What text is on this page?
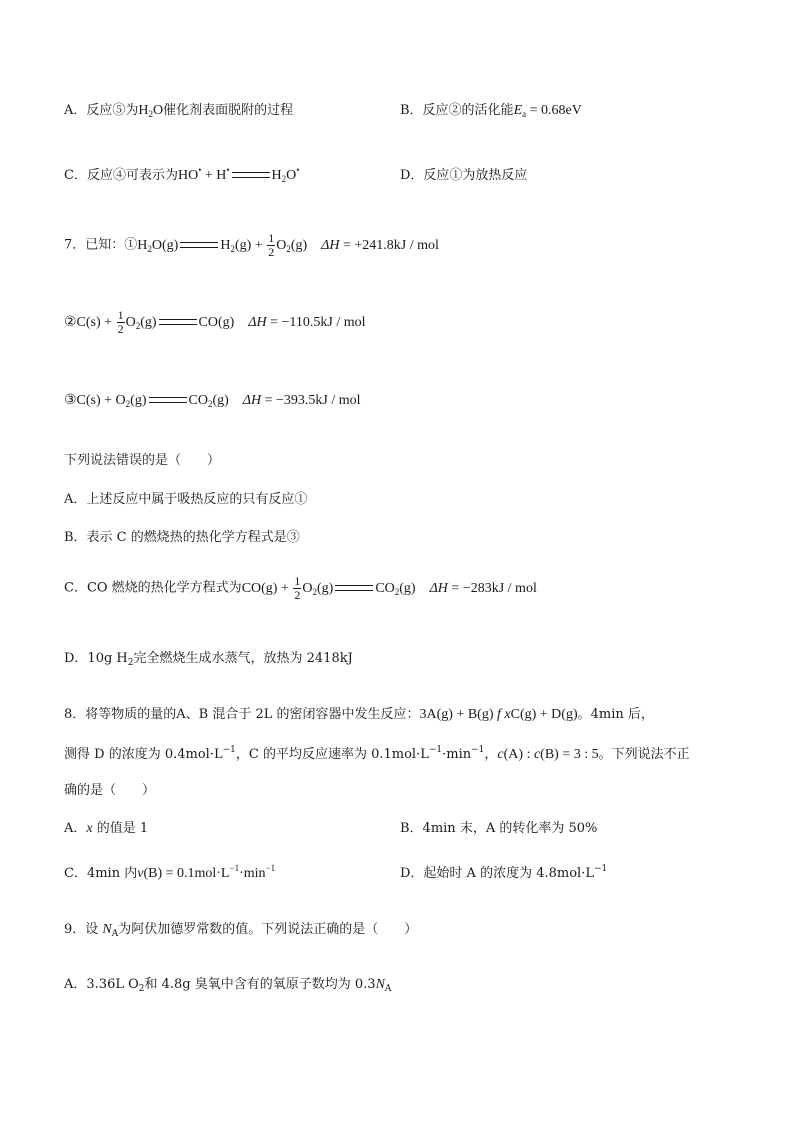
A．反应⑤为$H_2O$催化剂表面脱附的过程	B．反应②的活化能$E_a = 0.68eV$
C．反应④可表示为HO• + H•	$H_2O^•$	D．反应①为放热反应
7．已知：$①H_2O(g)$	$H_2(g) + \frac{1}{2} O_2(g) \Delta H = +241.8kJ$ / mol
②C(s) + $\frac{1}{2} O_2(g)$	CO(g) ΔH = −110.5kJ / mol
③C(s) + $O_2(g)$	$CO_2(g) \Delta H = -393.5kJ$ / mol
下列说法错误的是（　　）
A．上述反应中属于吸热反应的只有反应①
B．表示 C 的燃烧热的热化学方程式是③
C．CO 燃烧的热化学方程式为$CO(g) + \frac{1}{2} O_2(g)$	$CO_2(g) \Delta H = -283kJ$ / mol
D．10g $H_2$完全燃烧生成水蒸气，放热为 2418kJ
8．将等物质的量的A、B 混合于 2L 的密闭容器中发生反应：3A(g) + B(g) f xC(g) + D(g)。4min 后，
测得 D 的浓度为 $0.4mol\cdot L^{-1}$，C 的平均反应速率为 $0.1mol\cdot L^{-1}\cdot\min^{-1}$，c(A) : c(B) = 3 : 5。下列说法不正
确的是（　　）
A．x 的值是 1	B．4min 末，A 的转化率为 50%
C．4min 内$v(B) = 0.1mol\cdot L^{-1}\cdot\min^{-1}$	D．起始时 A 的浓度为 $4.8mol\cdot L^{-1}$
9．设 $N_A$为阿伏加德罗常数的值。下列说法正确的是（　　）
A．3.36L $O_2$和 4.8g 臭氧中含有的氧原子数均为 $0.3N_A$
